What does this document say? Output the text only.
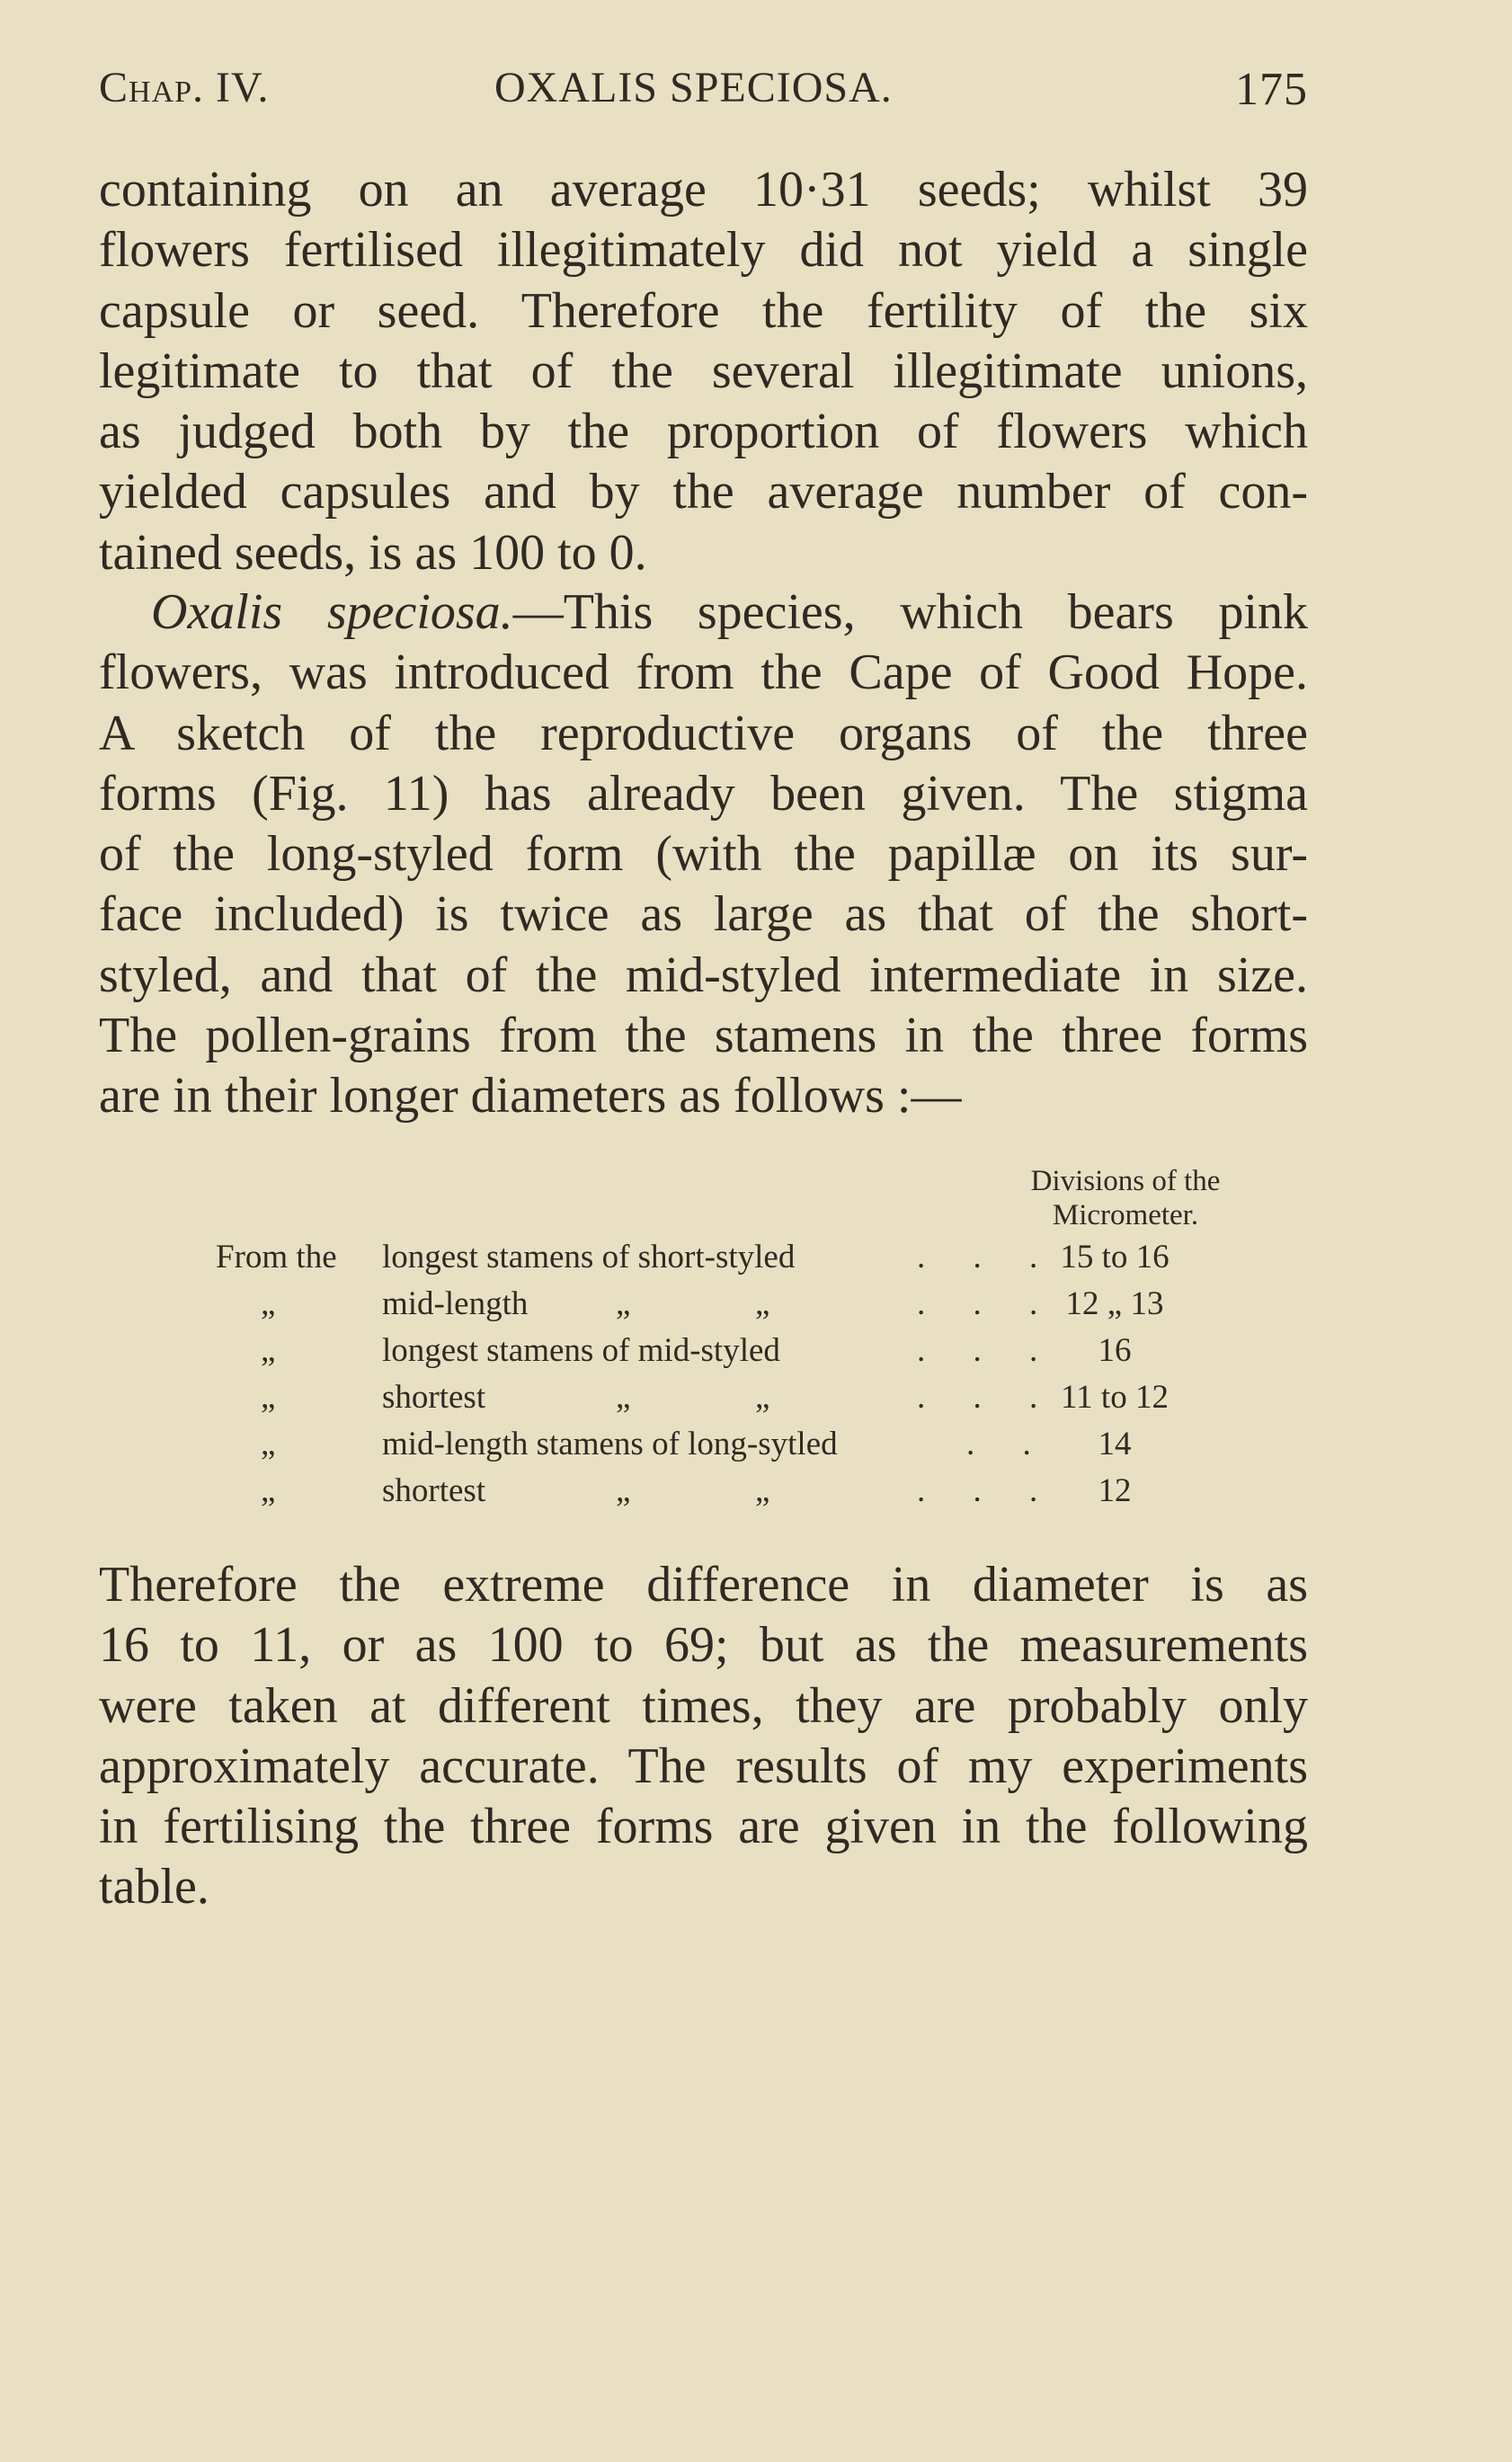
Chap. IV.	OXALIS SPECIOSA.	175
containing on an average 10·31 seeds; whilst 39
flowers fertilised illegitimately did not yield a single
capsule or seed. Therefore the fertility of the six
legitimate to that of the several illegitimate unions,
as judged both by the proportion of flowers which
yielded capsules and by the average number of con-
tained seeds, is as 100 to 0.
Oxalis speciosa.—This species, which bears pink
flowers, was introduced from the Cape of Good Hope.
A sketch of the reproductive organs of the three
forms (Fig. 11) has already been given. The stigma
of the long-styled form (with the papillæ on its sur-
face included) is twice as large as that of the short-
styled, and that of the mid-styled intermediate in size.
The pollen-grains from the stamens in the three forms
are in their longer diameters as follows :—
Divisions of the
Micrometer.
From the longest stamens of short-styled	. . . 15 to 16
„	mid-length	„	„	. . . 12 „ 13
„	longest stamens of mid-styled	. . .	16
„	shortest	„	„	. . . 11 to 12
„	mid-length stamens of long-sytled	. .	14
„	shortest	„	„	. . .	12
Therefore the extreme difference in diameter is as
16 to 11, or as 100 to 69; but as the measurements
were taken at different times, they are probably only
approximately accurate. The results of my experiments
in fertilising the three forms are given in the following
table.
